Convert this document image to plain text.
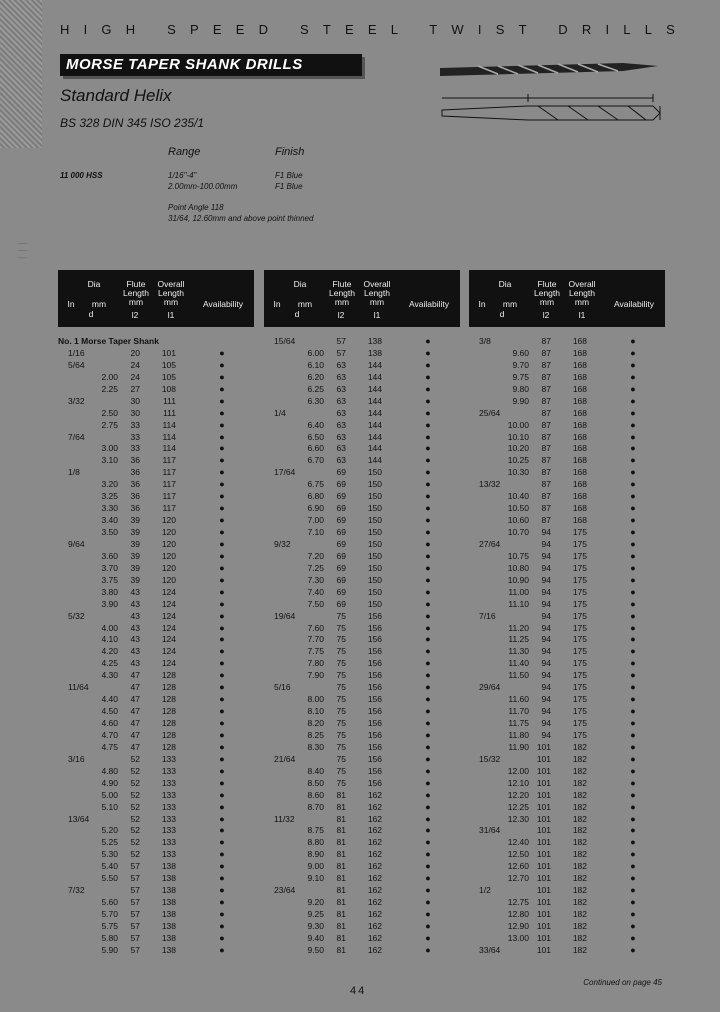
│ │ │
HIGH SPEED STEEL TWIST DRILLS
MORSE TAPER SHANK DRILLS
Standard Helix
BS 328 DIN 345 ISO 235/1
Range	Finish
11 000 HSS	1/16"-4"
2.00mm-100.00mm
F1 Blue
F1 Blue
Point Angle 118
31/64, 12.60mm and above point thinned
Dia
In	mm
d
Flute Length mm
l2
Overall Length mm
l1
Availability
Dia
In	mm
d
Flute Length mm
l2
Overall Length mm
l1
Availability
Dia
In	mm
d
Flute Length mm
l2
Overall Length mm
l1
Availability
No. 1 Morse Taper Shank
1/16	20	101	●
5/64	24	105	●
2.00	24	105	●
2.25	27	108	●
3/32	30	111	●
2.50	30	111	●
2.75	33	114	●
7/64	33	114	●
3.00	33	114	●
3.10	36	117	●
1/8	36	117	●
3.20	36	117	●
3.25	36	117	●
3.30	36	117	●
3.40	39	120	●
3.50	39	120	●
9/64	39	120	●
3.60	39	120	●
3.70	39	120	●
3.75	39	120	●
3.80	43	124	●
3.90	43	124	●
5/32	43	124	●
4.00	43	124	●
4.10	43	124	●
4.20	43	124	●
4.25	43	124	●
4.30	47	128	●
11/64	47	128	●
4.40	47	128	●
4.50	47	128	●
4.60	47	128	●
4.70	47	128	●
4.75	47	128	●
3/16	52	133	●
4.80	52	133	●
4.90	52	133	●
5.00	52	133	●
5.10	52	133	●
13/64	52	133	●
5.20	52	133	●
5.25	52	133	●
5.30	52	133	●
5.40	57	138	●
5.50	57	138	●
7/32	57	138	●
5.60	57	138	●
5.70	57	138	●
5.75	57	138	●
5.80	57	138	●
5.90	57	138	●
15/64	57	138	●
6.00	57	138	●
6.10	63	144	●
6.20	63	144	●
6.25	63	144	●
6.30	63	144	●
1/4	63	144	●
6.40	63	144	●
6.50	63	144	●
6.60	63	144	●
6.70	63	144	●
17/64	69	150	●
6.75	69	150	●
6.80	69	150	●
6.90	69	150	●
7.00	69	150	●
7.10	69	150	●
9/32	69	150	●
7.20	69	150	●
7.25	69	150	●
7.30	69	150	●
7.40	69	150	●
7.50	69	150	●
19/64	75	156	●
7.60	75	156	●
7.70	75	156	●
7.75	75	156	●
7.80	75	156	●
7.90	75	156	●
5/16	75	156	●
8.00	75	156	●
8.10	75	156	●
8.20	75	156	●
8.25	75	156	●
8.30	75	156	●
21/64	75	156	●
8.40	75	156	●
8.50	75	156	●
8.60	81	162	●
8.70	81	162	●
11/32	81	162	●
8.75	81	162	●
8.80	81	162	●
8.90	81	162	●
9.00	81	162	●
9.10	81	162	●
23/64	81	162	●
9.20	81	162	●
9.25	81	162	●
9.30	81	162	●
9.40	81	162	●
9.50	81	162	●
3/8	87	168	●
9.60	87	168	●
9.70	87	168	●
9.75	87	168	●
9.80	87	168	●
9.90	87	168	●
25/64	87	168	●
10.00	87	168	●
10.10	87	168	●
10.20	87	168	●
10.25	87	168	●
10.30	87	168	●
13/32	87	168	●
10.40	87	168	●
10.50	87	168	●
10.60	87	168	●
10.70	94	175	●
27/64	94	175	●
10.75	94	175	●
10.80	94	175	●
10.90	94	175	●
11.00	94	175	●
11.10	94	175	●
7/16	94	175	●
11.20	94	175	●
11.25	94	175	●
11.30	94	175	●
11.40	94	175	●
11.50	94	175	●
29/64	94	175	●
11.60	94	175	●
11.70	94	175	●
11.75	94	175	●
11.80	94	175	●
11.90 101	182	●
15/32	101	182	●
12.00 101	182	●
12.10 101	182	●
12.20 101	182	●
12.25 101	182	●
12.30 101	182	●
31/64	101	182	●
12.40 101	182	●
12.50 101	182	●
12.60 101	182	●
12.70 101	182	●
1/2	101	182	●
12.75 101	182	●
12.80 101	182	●
12.90 101	182	●
13.00 101	182	●
33/64	101	182	●
44
Continued on page 45
